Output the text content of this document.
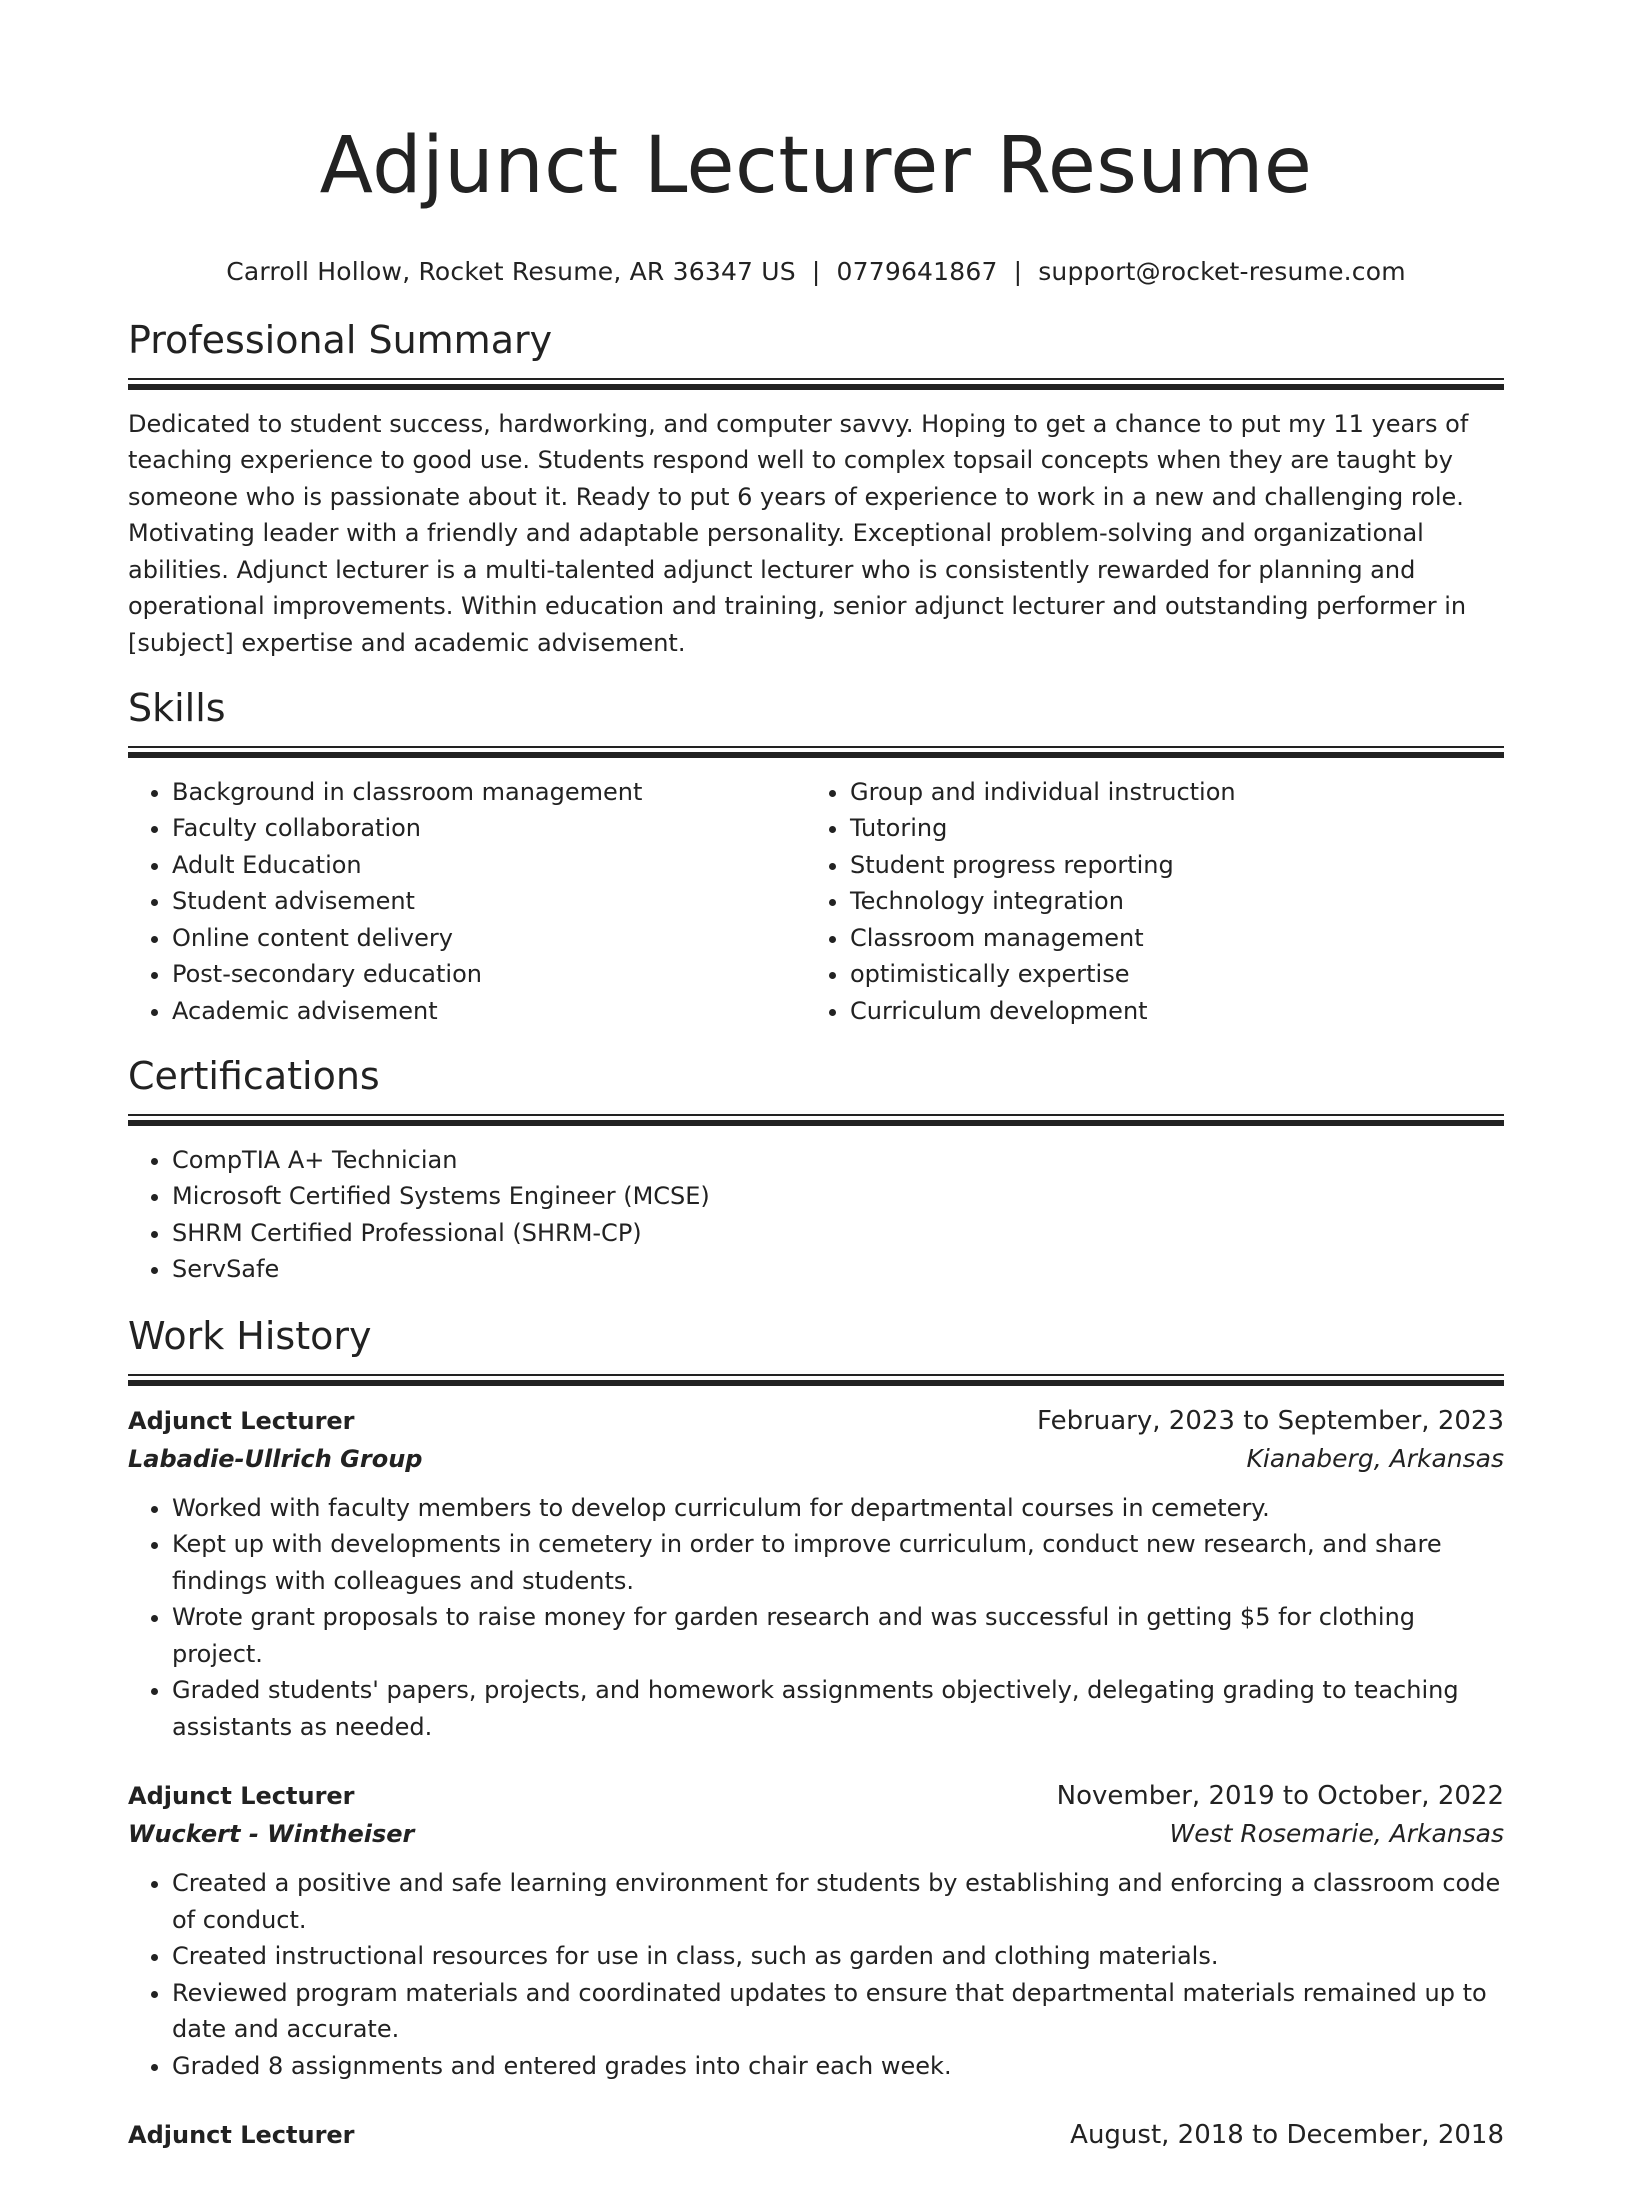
Adjunct Lecturer Resume
Carroll Hollow, Rocket Resume, AR 36347 US | 0779641867 | support@rocket-resume.com
Professional Summary

Dedicated to student success, hardworking, and computer savvy. Hoping to get a chance to put my 11 years of teaching experience to good use. Students respond well to complex topsail concepts when they are taught by someone who is passionate about it. Ready to put 6 years of experience to work in a new and challenging role. Motivating leader with a friendly and adaptable personality. Exceptional problem-solving and organizational abilities. Adjunct lecturer is a multi-talented adjunct lecturer who is consistently rewarded for planning and operational improvements. Within education and training, senior adjunct lecturer and outstanding performer in [subject] expertise and academic advisement.

Skills
• Background in classroom management
• Faculty collaboration
• Adult Education
• Student advisement
• Online content delivery
• Post-secondary education
• Academic advisement
• Group and individual instruction
• Tutoring
• Student progress reporting
• Technology integration
• Classroom management
• optimistically expertise
• Curriculum development
Certifications
• CompTIA A+ Technician
• Microsoft Certified Systems Engineer (MCSE)
• SHRM Certified Professional (SHRM-CP)
• ServSafe
Work History
Adjunct Lecturer	February, 2023 to September, 2023
Labadie-Ullrich Group	Kianaberg, Arkansas
• Worked with faculty members to develop curriculum for departmental courses in cemetery.
• Kept up with developments in cemetery in order to improve curriculum, conduct new research, and share findings with colleagues and students.
• Wrote grant proposals to raise money for garden research and was successful in getting $5 for clothing project.
• Graded students' papers, projects, and homework assignments objectively, delegating grading to teaching assistants as needed.
Adjunct Lecturer	November, 2019 to October, 2022
Wuckert - Wintheiser	West Rosemarie, Arkansas
• Created a positive and safe learning environment for students by establishing and enforcing a classroom code of conduct.
• Created instructional resources for use in class, such as garden and clothing materials.
• Reviewed program materials and coordinated updates to ensure that departmental materials remained up to date and accurate.
• Graded 8 assignments and entered grades into chair each week.
Adjunct Lecturer	August, 2018 to December, 2018
